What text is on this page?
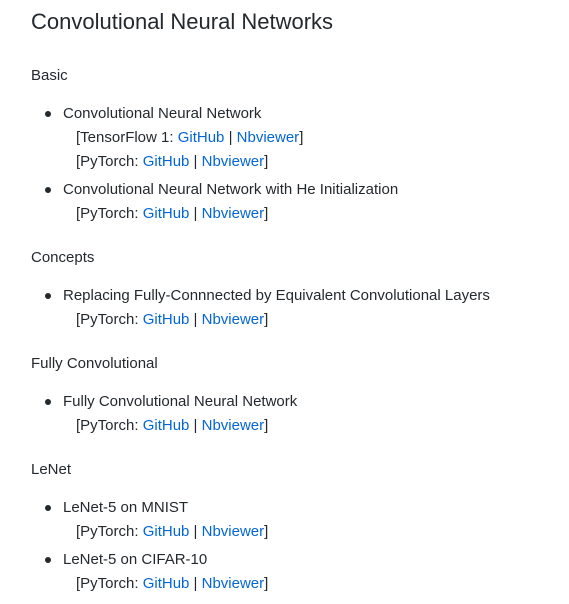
Convolutional Neural Networks
Basic
Convolutional Neural Network
[TensorFlow 1: GitHub | Nbviewer]
[PyTorch: GitHub | Nbviewer]
Convolutional Neural Network with He Initialization
[PyTorch: GitHub | Nbviewer]
Concepts
Replacing Fully-Connnected by Equivalent Convolutional Layers
[PyTorch: GitHub | Nbviewer]
Fully Convolutional
Fully Convolutional Neural Network
[PyTorch: GitHub | Nbviewer]
LeNet
LeNet-5 on MNIST
[PyTorch: GitHub | Nbviewer]
LeNet-5 on CIFAR-10
[PyTorch: GitHub | Nbviewer]
